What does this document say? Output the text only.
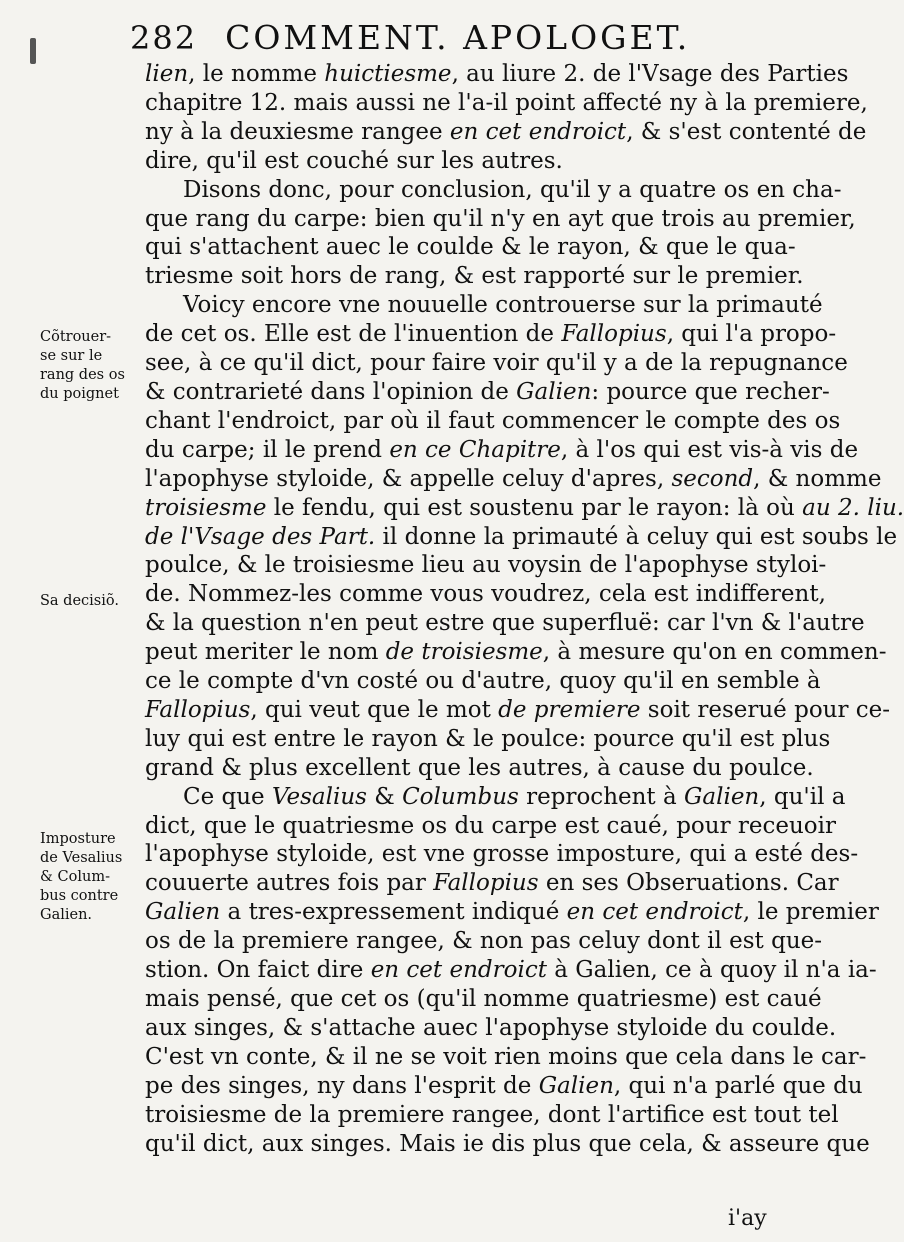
282 COMMENT. APOLOGET.
lien, le nomme huictiesme, au liure 2. de l'Vsage des Parties
chapitre 12. mais aussi ne l'a-il point affecté ny à la premiere,
ny à la deuxiesme rangee en cet endroict, & s'est contenté de
dire, qu'il est couché sur les autres.
Disons donc, pour conclusion, qu'il y a quatre os en cha-
que rang du carpe: bien qu'il n'y en ayt que trois au premier,
qui s'attachent auec le coulde & le rayon, & que le qua-
triesme soit hors de rang, & est rapporté sur le premier.
Voicy encore vne nouuelle controuerse sur la primauté
de cet os. Elle est de l'inuention de Fallopius, qui l'a propo-
see, à ce qu'il dict, pour faire voir qu'il y a de la repugnance
& contrarieté dans l'opinion de Galien: pource que recher-
chant l'endroict, par où il faut commencer le compte des os
du carpe; il le prend en ce Chapitre, à l'os qui est vis-à vis de
l'apophyse styloide, & appelle celuy d'apres, second, & nomme
troisiesme le fendu, qui est soustenu par le rayon: là où au 2. liu.
de l'Vsage des Part. il donne la primauté à celuy qui est soubs le
poulce, & le troisiesme lieu au voysin de l'apophyse styloi-
de. Nommez-les comme vous voudrez, cela est indifferent,
& la question n'en peut estre que superfluë: car l'vn & l'autre
peut meriter le nom de troisiesme, à mesure qu'on en commen-
ce le compte d'vn costé ou d'autre, quoy qu'il en semble à
Fallopius, qui veut que le mot de premiere soit reserué pour ce-
luy qui est entre le rayon & le poulce: pource qu'il est plus
grand & plus excellent que les autres, à cause du poulce.
Ce que Vesalius & Columbus reprochent à Galien, qu'il a
dict, que le quatriesme os du carpe est caué, pour receuoir
l'apophyse styloide, est vne grosse imposture, qui a esté des-
couuerte autres fois par Fallopius en ses Obseruations. Car
Galien a tres-expressement indiqué en cet endroict, le premier
os de la premiere rangee, & non pas celuy dont il est que-
stion. On faict dire en cet endroict à Galien, ce à quoy il n'a ia-
mais pensé, que cet os (qu'il nomme quatriesme) est caué
aux singes, & s'attache auec l'apophyse styloide du coulde.
C'est vn conte, & il ne se voit rien moins que cela dans le car-
pe des singes, ny dans l'esprit de Galien, qui n'a parlé que du
troisiesme de la premiere rangee, dont l'artifice est tout tel
qu'il dict, aux singes. Mais ie dis plus que cela, & asseure que
Cõtrouer-
se sur le
rang des os
du poignet
Sa decisiõ.
Imposture
de Vesalius
& Colum-
bus contre
Galien.
i'ay
